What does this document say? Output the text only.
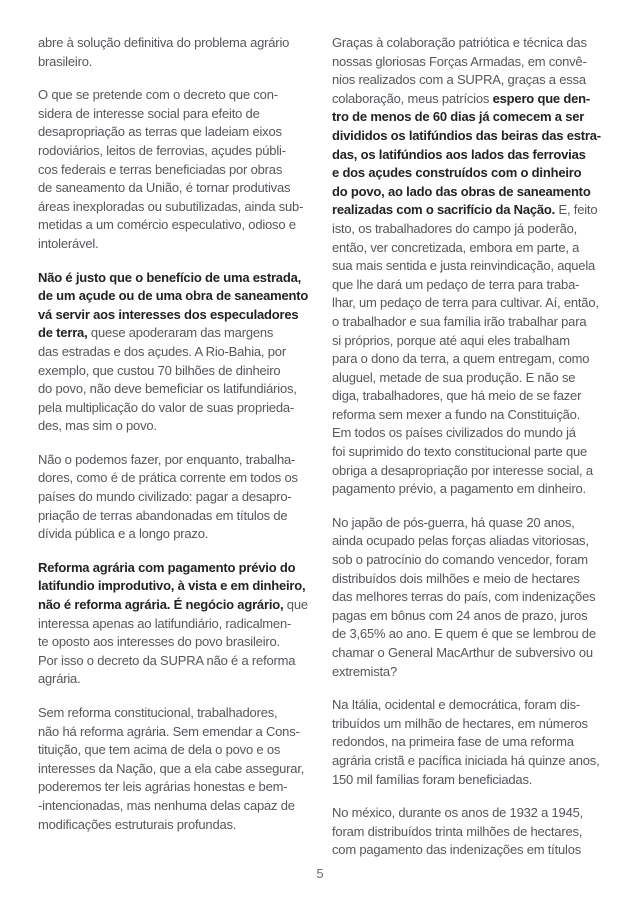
abre à solução definitiva do problema agrário
brasileiro.
O que se pretende com o decreto que con-
sidera de interesse social para efeito de
desapropriação as terras que ladeiam eixos
rodoviários, leitos de ferrovias, açudes públi-
cos federais e terras beneficiadas por obras
de saneamento da União, é tornar produtivas
áreas inexploradas ou subutilizadas, ainda sub-
metidas a um comércio especulativo, odioso e
intolerável.
Não é justo que o benefício de uma estrada,
de um açude ou de uma obra de saneamento
vá servir aos interesses dos especuladores
de terra, quese apoderaram das margens
das estradas e dos açudes. A Rio-Bahia, por
exemplo, que custou 70 bilhões de dinheiro
do povo, não deve bemeficiar os latifundiários,
pela multiplicação do valor de suas proprieda-
des, mas sim o povo.
Não o podemos fazer, por enquanto, trabalha-
dores, como é de prática corrente em todos os
países do mundo civilizado: pagar a desapro-
priação de terras abandonadas em títulos de
dívida pública e a longo prazo.
Reforma agrária com pagamento prévio do
latifundio improdutivo, à vista e em dinheiro,
não é reforma agrária. É negócio agrário, que
interessa apenas ao latifundiário, radicalmen-
te oposto aos interesses do povo brasileiro.
Por isso o decreto da SUPRA não é a reforma
agrária.
Sem reforma constitucional, trabalhadores,
não há reforma agrária. Sem emendar a Cons-
tituição, que tem acima de dela o povo e os
interesses da Nação, que a ela cabe assegurar,
poderemos ter leis agrárias honestas e bem-
-intencionadas, mas nenhuma delas capaz de
modificações estruturais profundas.
Graças à colaboração patriótica e técnica das
nossas gloriosas Forças Armadas, em convê-
nios realizados com a SUPRA, graças a essa
colaboração, meus patrícios espero que den-
tro de menos de 60 dias já comecem a ser
divididos os latifúndios das beiras das estra-
das, os latifúndios aos lados das ferrovias
e dos açudes construídos com o dinheiro
do povo, ao lado das obras de saneamento
realizadas com o sacrifício da Nação. E, feito
isto, os trabalhadores do campo já poderão,
então, ver concretizada, embora em parte, a
sua mais sentida e justa reinvindicação, aquela
que lhe dará um pedaço de terra para traba-
lhar, um pedaço de terra para cultivar. Aí, então,
o trabalhador e sua família irão trabalhar para
si próprios, porque até aqui eles trabalham
para o dono da terra, a quem entregam, como
aluguel, metade de sua produção. E não se
diga, trabalhadores, que há meio de se fazer
reforma sem mexer a fundo na Constituição.
Em todos os países civilizados do mundo já
foi suprimido do texto constitucional parte que
obriga a desapropriação por interesse social, a
pagamento prévio, a pagamento em dinheiro.
No japão de pós-guerra, há quase 20 anos,
ainda ocupado pelas forças aliadas vitoriosas,
sob o patrocínio do comando vencedor, foram
distribuídos dois milhões e meio de hectares
das melhores terras do país, com indenizações
pagas em bônus com 24 anos de prazo, juros
de 3,65% ao ano. E quem é que se lembrou de
chamar o General MacArthur de subversivo ou
extremista?
Na Itália, ocidental e democrática, foram dis-
tribuídos um milhão de hectares, em números
redondos, na primeira fase de uma reforma
agrária cristã e pacífica iniciada há quinze anos,
150 mil famílias foram beneficiadas.
No méxico, durante os anos de 1932 a 1945,
foram distribuídos trinta milhões de hectares,
com pagamento das indenizações em títulos
5
